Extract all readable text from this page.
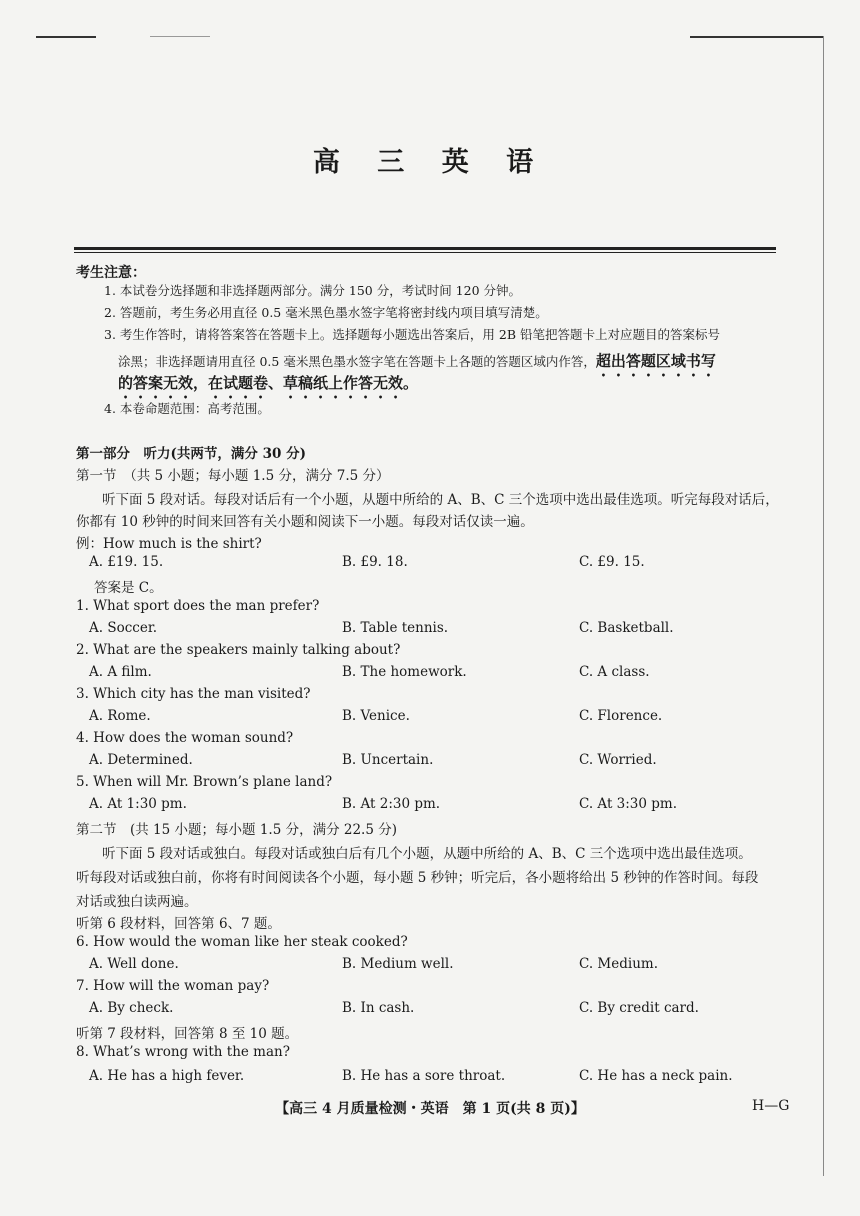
高 三 英 语
考生注意：
1. 本试卷分选择题和非选择题两部分。满分 150 分，考试时间 120 分钟。
2. 答题前，考生务必用直径 0.5 毫米黑色墨水签字笔将密封线内项目填写清楚。
3. 考生作答时，请将答案答在答题卡上。选择题每小题选出答案后，用 2B 铅笔把答题卡上对应题目的答案标号
涂黑；非选择题请用直径 0.5 毫米黑色墨水签字笔在答题卡上各题的答题区域内作答，超出答题区域书写
的答案无效，在试题卷、草稿纸上作答无效。
4. 本卷命题范围：高考范围。
第一部分　听力(共两节，满分 30 分)
第一节　（共 5 小题；每小题 1.5 分，满分 7.5 分）
听下面 5 段对话。每段对话后有一个小题，从题中所给的 A、B、C 三个选项中选出最佳选项。听完每段对话后，
你都有 10 秒钟的时间来回答有关小题和阅读下一小题。每段对话仅读一遍。
例：How much is the shirt?
A. £19. 15.	B. £9. 18.	C. £9. 15.
答案是 C。
1. What sport does the man prefer?
A. Soccer.	B. Table tennis.	C. Basketball.
2. What are the speakers mainly talking about?
A. A film.	B. The homework.	C. A class.
3. Which city has the man visited?
A. Rome.	B. Venice.	C. Florence.
4. How does the woman sound?
A. Determined.	B. Uncertain.	C. Worried.
5. When will Mr. Brown’s plane land?
A. At 1:30 pm.	B. At 2:30 pm.	C. At 3:30 pm.
第二节　(共 15 小题；每小题 1.5 分，满分 22.5 分)
听下面 5 段对话或独白。每段对话或独白后有几个小题，从题中所给的 A、B、C 三个选项中选出最佳选项。
听每段对话或独白前，你将有时间阅读各个小题，每小题 5 秒钟；听完后，各小题将给出 5 秒钟的作答时间。每段
对话或独白读两遍。
听第 6 段材料，回答第 6、7 题。
6. How would the woman like her steak cooked?
A. Well done.	B. Medium well.	C. Medium.
7. How will the woman pay?
A. By check.	B. In cash.	C. By credit card.
听第 7 段材料，回答第 8 至 10 题。
8. What’s wrong with the man?
A. He has a high fever.	B. He has a sore throat.	C. He has a neck pain.
【高三 4 月质量检测・英语　第 1 页(共 8 页)】	H—G
